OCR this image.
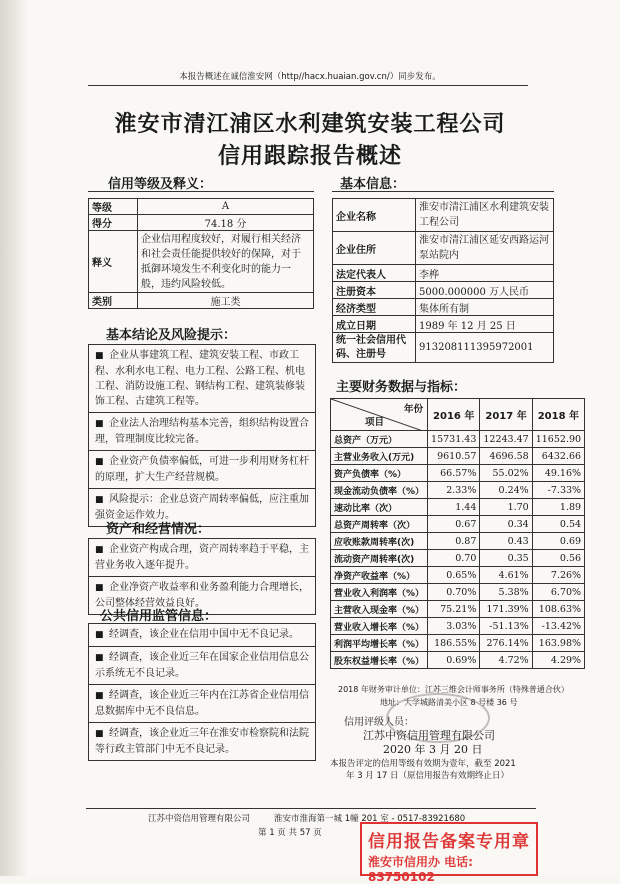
本报告概述在诚信淮安网（http//hacx.huaian.gov.cn/）同步发布。
淮安市清江浦区水利建筑安装工程公司
信用跟踪报告概述
信用等级及释义：
等级	A
得分	74.18 分
释义	企业信用程度较好，对履行相关经济和社会责任能提供较好的保障，对于抵御环境发生不利变化时的能力一般，违约风险较低。
类别	施工类
基本结论及风险提示：
■ 企业从事建筑工程、建筑安装工程、市政工程、水利水电工程、电力工程、公路工程、机电工程、消防设施工程、钢结构工程、建筑装修装饰工程、古建筑工程等。
■ 企业法人治理结构基本完善，组织结构设置合理，管理制度比较完备。
■ 企业资产负债率偏低，可进一步利用财务杠杆的原理，扩大生产经营规模。
■ 风险提示：企业总资产周转率偏低，应注重加强资金运作效力。
资产和经营情况：
■ 企业资产构成合理，资产周转率趋于平稳，主营业务收入逐年提升。
■ 企业净资产收益率和业务盈利能力合理增长，公司整体经营效益良好。
公共信用监管信息：
■ 经调查，该企业在信用中国中无不良记录。
■ 经调查，该企业近三年在国家企业信用信息公示系统无不良记录。
■ 经调查，该企业近三年内在江苏省企业信用信息数据库中无不良信息。
■ 经调查，该企业近三年在淮安市检察院和法院等行政主管部门中无不良记录。
基本信息：
企业名称	淮安市清江浦区水利建筑安装工程公司
企业住所	淮安市清江浦区延安西路运河泵站院内
法定代表人	李桦
注册资本	5000.000000 万人民币
经济类型	集体所有制
成立日期	1989 年 12 月 25 日
统一社会信用代码、注册号	913208111395972001
主要财务数据与指标：
年份
项目	2016 年	2017 年	2018 年
总资产（万元）	15731.43	12243.47	11652.90
主营业务收入(万元)	9610.57	4696.58	6432.66
资产负债率（%）	66.57%	55.02%	49.16%
现金流动负债率（%）	2.33%	0.24%	-7.33%
速动比率（次）	1.44	1.70	1.89
总资产周转率（次）	0.67	0.34	0.54
应收账款周转率(次)	0.87	0.43	0.69
流动资产周转率(次)	0.70	0.35	0.56
净资产收益率（%）	0.65%	4.61%	7.26%
营业收入利润率（%）	0.70%	5.38%	6.70%
主营收入现金率（%）	75.21%	171.39%	108.63%
营业收入增长率（%）	3.03%	-51.13%	-13.42%
利润平均增长率（%）	186.55%	276.14%	163.98%
股东权益增长率（%）	0.69%	4.72%	4.29%
2018 年财务审计单位：江苏三维会计师事务所（特殊普通合伙）
地址：大学城路清美小区 8 号楼 36 号
信用评级人员：
江苏中资信用管理有限公司
2020 年 3 月 20 日
本报告评定的信用等级有效期为壹年，截至 2021
年 3 月 17 日（原信用报告有效期终止日）
江苏中资信用管理有限公司	淮安市淮海第一城 1幢 201 室 - 0517-83921680
第 1 页 共 57 页	信用报告备案专用章
淮安市信用办 电话: 83750102
